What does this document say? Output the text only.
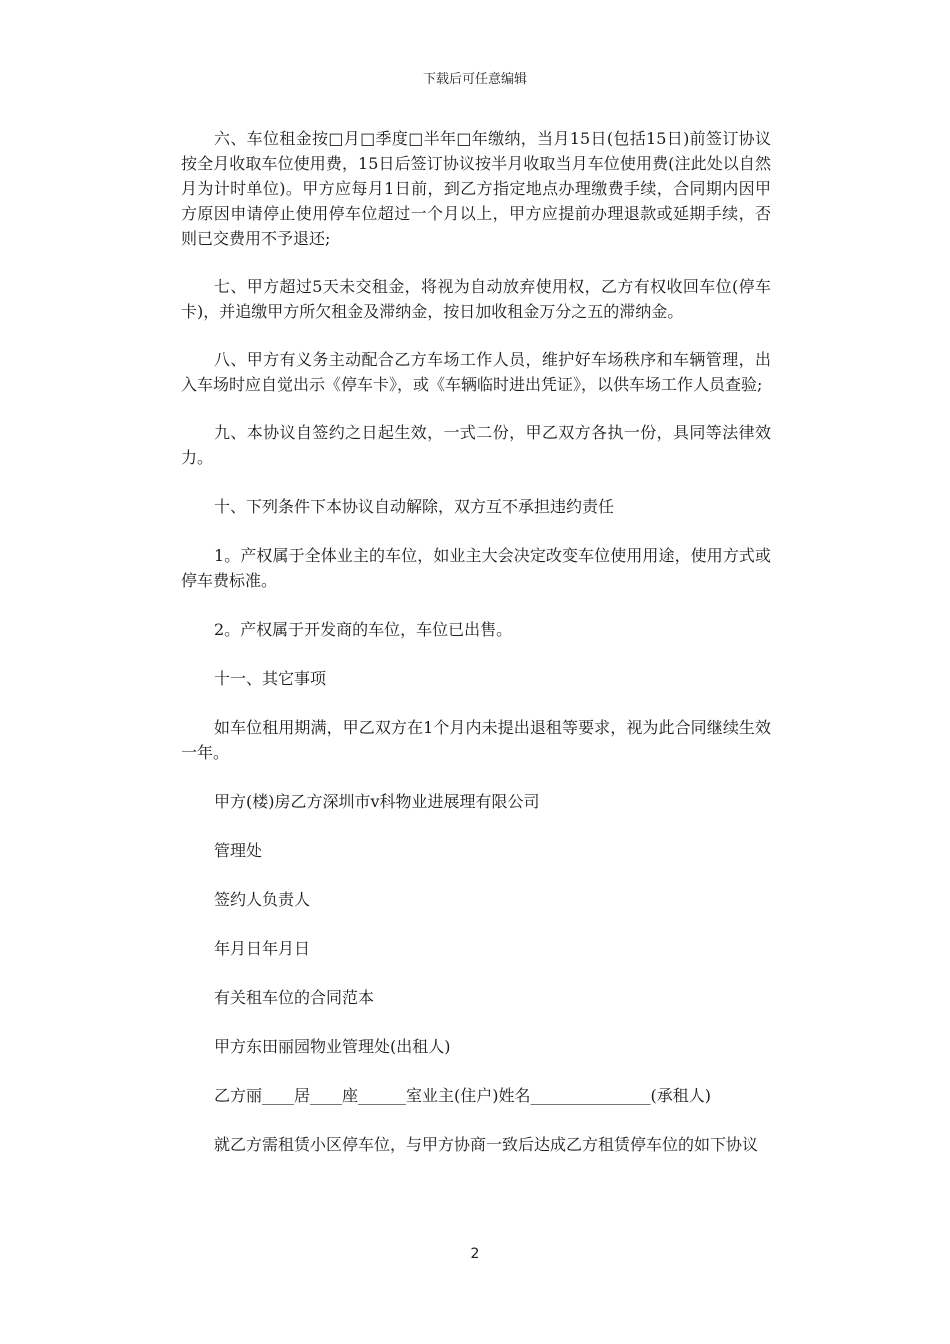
下载后可任意编辑

六、车位租金按□月□季度□半年□年缴纳，当月15日(包括15日)前签订协议按全月收取车位使用费，15日后签订协议按半月收取当月车位使用费(注此处以自然月为计时单位)。甲方应每月1日前，到乙方指定地点办理缴费手续，合同期内因甲方原因申请停止使用停车位超过一个月以上，甲方应提前办理退款或延期手续，否则已交费用不予退还;

七、甲方超过5天未交租金，将视为自动放弃使用权，乙方有权收回车位(停车卡)，并追缴甲方所欠租金及滞纳金，按日加收租金万分之五的滞纳金。

八、甲方有义务主动配合乙方车场工作人员，维护好车场秩序和车辆管理，出入车场时应自觉出示《停车卡》，或《车辆临时进出凭证》，以供车场工作人员查验;

九、本协议自签约之日起生效，一式二份，甲乙双方各执一份，具同等法律效力。

十、下列条件下本协议自动解除，双方互不承担违约责任

1。产权属于全体业主的车位，如业主大会决定改变车位使用用途，使用方式或停车费标准。

2。产权属于开发商的车位，车位已出售。

十一、其它事项

如车位租用期满，甲乙双方在1个月内未提出退租等要求，视为此合同继续生效一年。

甲方(楼)房乙方深圳市v科物业进展理有限公司

管理处

签约人负责人

年月日年月日

有关租车位的合同范本

甲方东田丽园物业管理处(出租人)

乙方丽____居____座______室业主(住户)姓名_______________(承租人)

就乙方需租赁小区停车位，与甲方协商一致后达成乙方租赁停车位的如下协议

2
